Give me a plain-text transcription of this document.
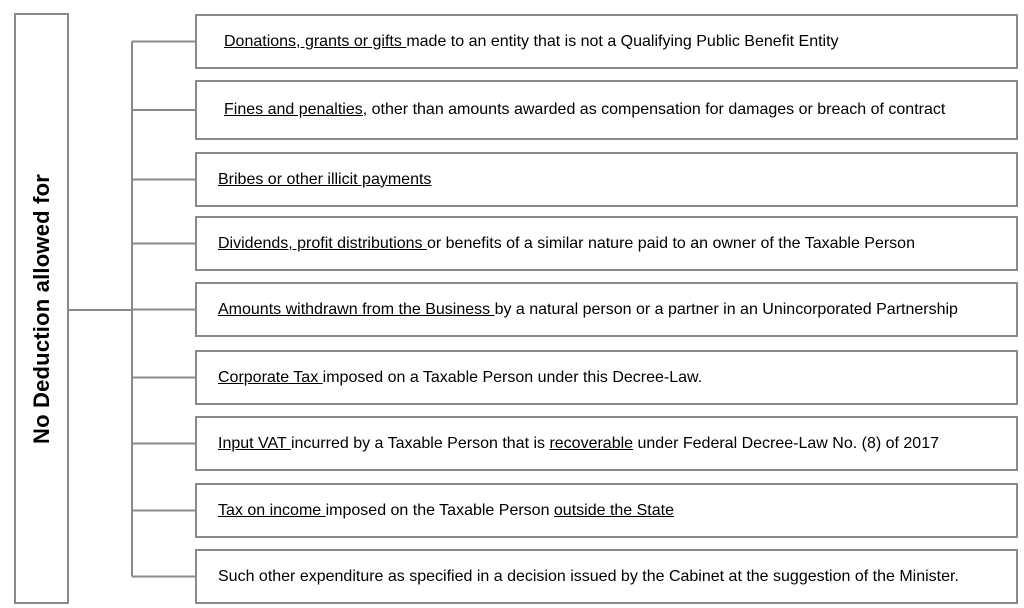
No Deduction allowed for
Donations, grants or gifts made to an entity that is not a Qualifying Public Benefit Entity
Fines and penalties, other than amounts awarded as compensation for damages or breach of contract
Bribes or other illicit payments
Dividends, profit distributions or benefits of a similar nature paid to an owner of the Taxable Person
Amounts withdrawn from the Business by a natural person or a partner in an Unincorporated Partnership
Corporate Tax imposed on a Taxable Person under this Decree-Law.
Input VAT incurred by a Taxable Person that is recoverable under Federal Decree-Law No. (8) of 2017
Tax on income imposed on the Taxable Person outside the State
Such other expenditure as specified in a decision issued by the Cabinet at the suggestion of the Minister.
